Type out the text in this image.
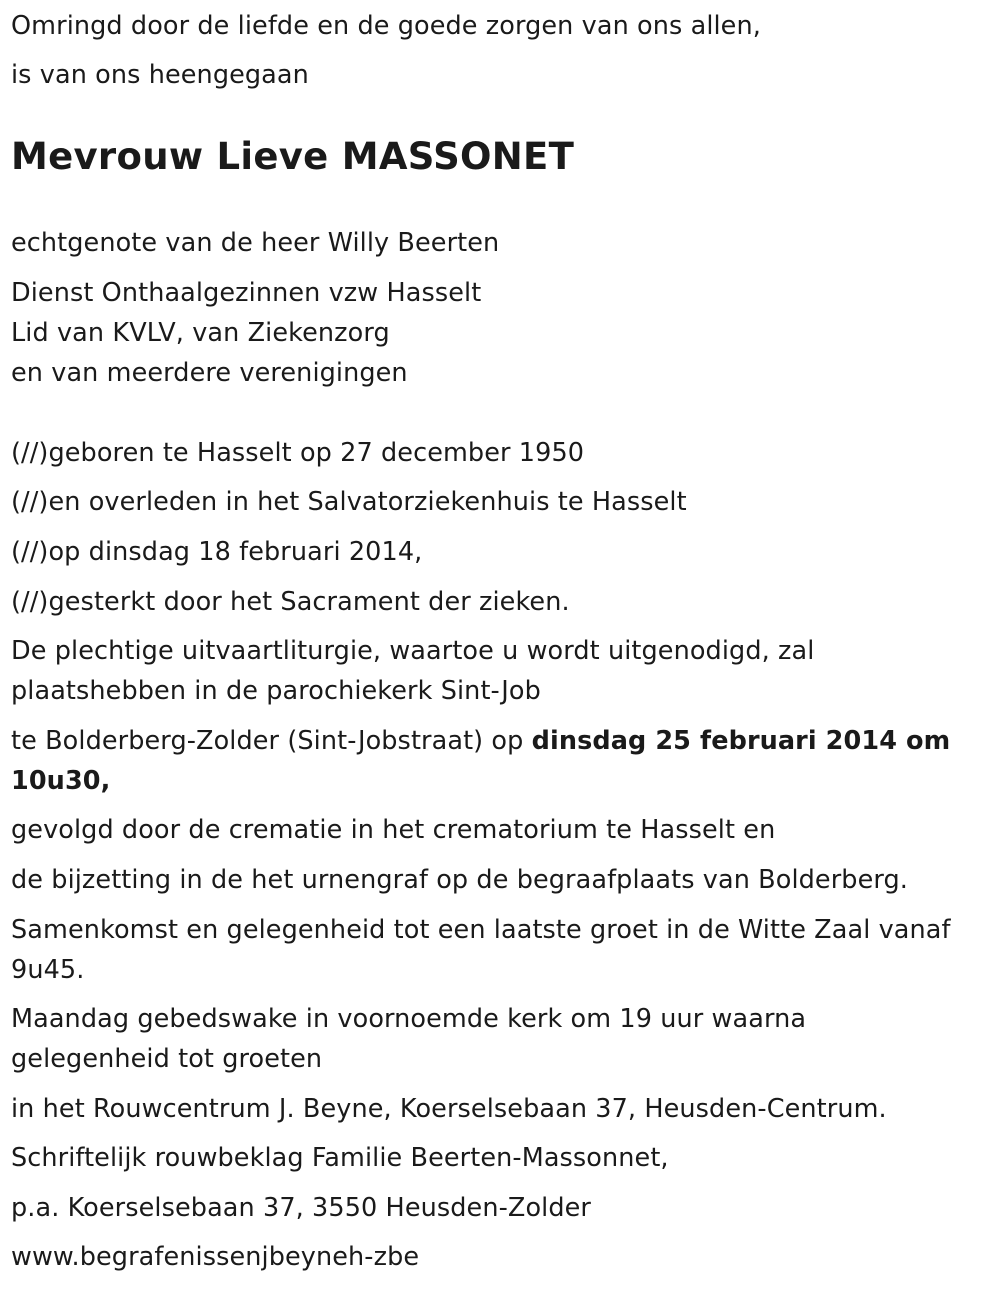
Omringd door de liefde en de goede zorgen van ons allen,
is van ons heengegaan
Mevrouw Lieve MASSONET
echtgenote van de heer Willy Beerten
Dienst Onthaalgezinnen vzw Hasselt
Lid van KVLV, van Ziekenzorg
en van meerdere verenigingen
(//)geboren te Hasselt op 27 december 1950
(//)en overleden in het Salvatorziekenhuis te Hasselt
(//)op dinsdag 18 februari 2014,
(//)gesterkt door het Sacrament der zieken.
De plechtige uitvaartliturgie, waartoe u wordt uitgenodigd, zal
plaatshebben in de parochiekerk Sint-Job
te Bolderberg-Zolder (Sint-Jobstraat) op dinsdag 25 februari 2014 om
10u30,
gevolgd door de crematie in het crematorium te Hasselt en
de bijzetting in de het urnengraf op de begraafplaats van Bolderberg.
Samenkomst en gelegenheid tot een laatste groet in de Witte Zaal vanaf
9u45.
Maandag gebedswake in voornoemde kerk om 19 uur waarna
gelegenheid tot groeten
in het Rouwcentrum J. Beyne, Koerselsebaan 37, Heusden-Centrum.
Schriftelijk rouwbeklag Familie Beerten-Massonnet,
p.a. Koerselsebaan 37, 3550 Heusden-Zolder
www.begrafenissenjbeyneh-zbe
